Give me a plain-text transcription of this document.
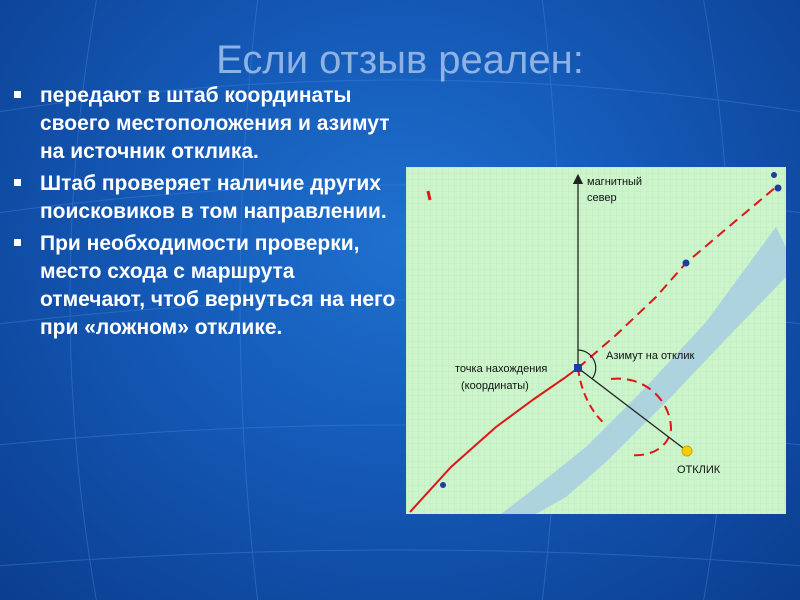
Если отзыв реален:
передают в штаб координаты своего местоположения и азимут на источник отклика.
Штаб проверяет наличие других поисковиков в том направлении.
При необходимости проверки, место схода с маршрута отмечают, чтоб вернуться на него при «ложном» отклике.
магнитный
север
точка нахождения
(координаты)
Азимут на отклик
ОТКЛИК
